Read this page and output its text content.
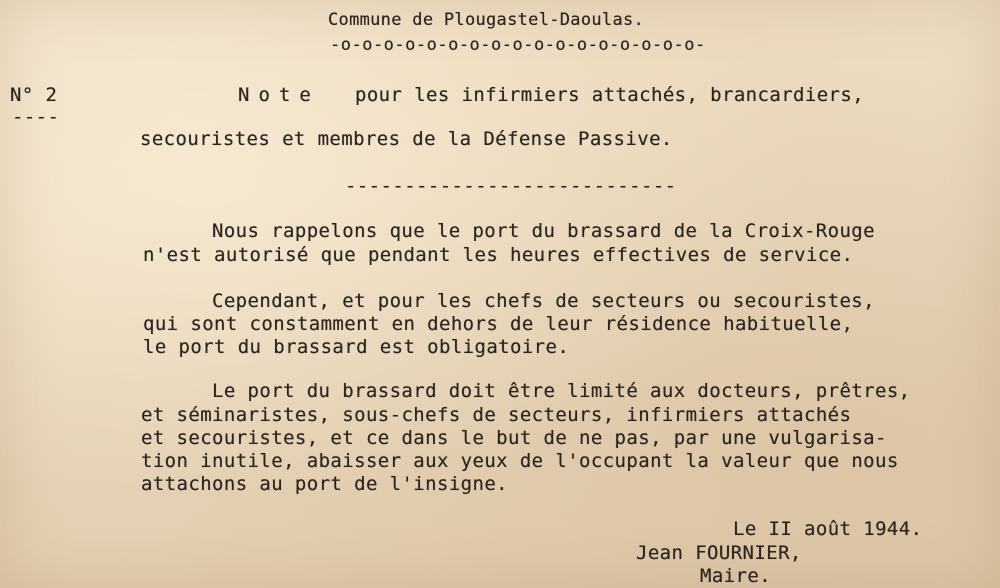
Commune de Plougastel-Daoulas.
-o-o-o-o-o-o-o-o-o-o-o-o-o-o-o-o-o-
N° 2
----
Note pour les infirmiers attachés, brancardiers,
secouristes et membres de la Défense Passive.
----------------------------
Nous rappelons que le port du brassard de la Croix-Rouge
n'est autorisé que pendant les heures effectives de service.
Cependant, et pour les chefs de secteurs ou secouristes,
qui sont constamment en dehors de leur résidence habituelle,
le port du brassard est obligatoire.
Le port du brassard doit être limité aux docteurs, prêtres,
et séminaristes, sous-chefs de secteurs, infirmiers attachés
et secouristes, et ce dans le but de ne pas, par une vulgarisa-
tion inutile, abaisser aux yeux de l'occupant la valeur que nous
attachons au port de l'insigne.
Le II août 1944.
Jean FOURNIER,
Maire.
